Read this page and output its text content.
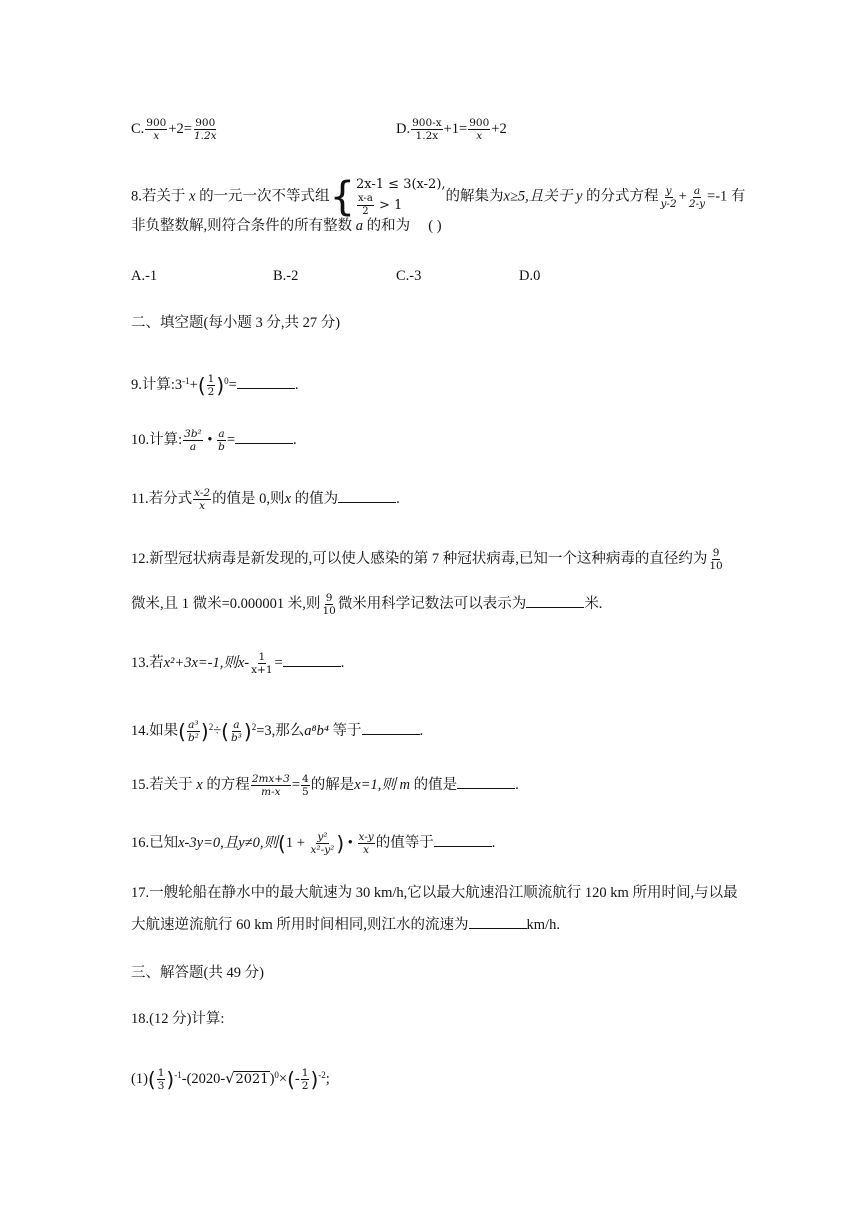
C. $\frac{900}{x} +2= \frac{900}{1.2x}$	D. $\frac{900-x}{1.2x} +1= \frac{900}{x} +2$
8.若关于 x 的一元一次不等式组 { 2x-1 ≤ 3(x-2),
$\frac{x-a}{2} > 1$
的解集为x≥5,且关于 y 的分式方程 $\frac{y}{y-2} + \frac{a}{2-y} =-1$ 有
非负整数解,则符合条件的所有整数 a 的和为 ( )
A.-1	B.-2	C.-3	D.0
二、填空题(每小题 3 分,共 27 分)
9.计算$:3^{-1}+( \frac{1}{2} )^0=$	.
10.计算: $\frac{\text{3b²}}{a}$ • $\frac{a}{b}$ =	.
11.若分式 $\frac{x-2}{x}$ 的值是 0,则x 的值为	.
12.新型冠状病毒是新发现的,可以使人感染的第 7 种冠状病毒,已知一个这种病毒的直径约为 $\frac{9}{10}$
微米,且 1 微米=0.000001 米,则 $\frac{9}{10}$ 微米用科学记数法可以表示为	米.
13.若x²+3x=-1,则$x- \frac{1}{x+1}$ =	.
14.如果( $\frac{\text{a³}}{\text{b²}} )^2\div( \frac{a}{\text{b³}} )^2=3$,那么a⁸b⁴ 等于	.
15.若关于 x 的方程 $\frac{2mx+3}{m-x} = \frac{4}{5}$ 的解是x=1,则 m 的值是	.
16.已知x-3y=0,且y≠0,则($1 + \frac{\text{y²}}{\text{x²-y²}}$ ) • $\frac{x-y}{x}$ 的值等于	.
17.一艘轮船在静水中的最大航速为 30 km/h,它以最大航速沿江顺流航行 120 km 所用时间,与以最
大航速逆流航行 60 km 所用时间相同,则江水的流速为	km/h.
三、解答题(共 49 分)
18.(12 分)计算:
$(1)( \frac{1}{3} )^{-1}-(2020-√2021)^0\times(- \frac{1}{2} )^{-2}$;
